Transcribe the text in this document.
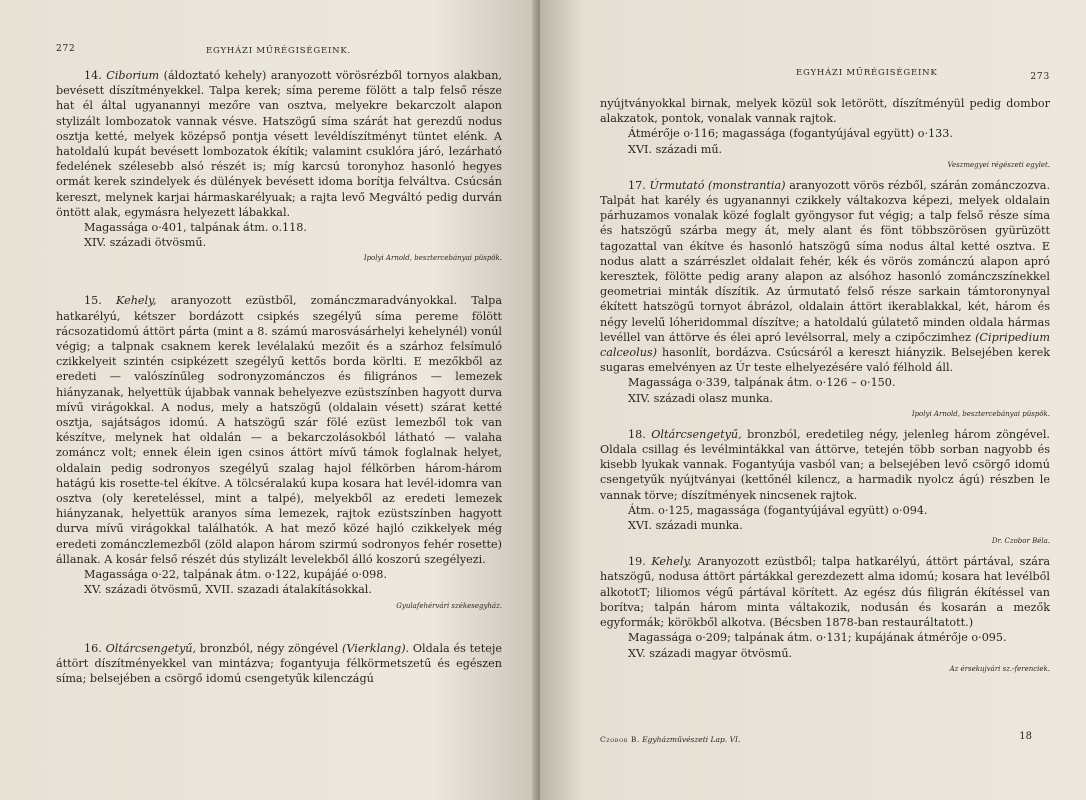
272	EGYHÁZI MŰRÉGISÉGEINK.

14. Ciborium (áldoztató kehely) aranyozott vörösrézből tornyos alakban, bevésett díszítményekkel. Talpa kerek; síma pereme fölött a talp felső része hat él által ugyanannyi mezőre van osztva, melyekre bekarczolt alapon stylizált lombozatok vannak vésve. Hatszögű síma szárát hat gerezdű nodus osztja ketté, melyek középső pontja vésett levéldíszítményt tüntet elénk. A hatoldalú kupát bevésett lombozatok ékítik; valamint csuklóra járó, lezárható fedelének szélesebb alsó részét is; míg karcsú toronyhoz hasonló hegyes ormát kerek szindelyek és dülények bevésett idoma borítja felváltva. Csúcsán kereszt, melynek karjai hármaskarélyuak; a rajta levő Megváltó pedig durván öntött alak, egymásra helyezett lábakkal.

Magassága o·401, talpának átm. o.118.

XIV. századi ötvösmű.

Ipolyi Arnold, besztercebányai püspök.

15. Kehely, aranyozott ezüstből, zománczmaradványokkal. Talpa hatkarélyú, kétszer bordázott csipkés szegélyű síma pereme fölött rácsozatidomú áttört párta (mint a 8. számú marosvásárhelyi kehelynél) vonúl végig; a talpnak csaknem kerek levélalakú mezőit és a szárhoz felsímuló czikkelyeit szintén csipkézett szegélyű kettős borda körlti. E mezőkből az eredeti — valószínűleg sodronyzománczos és filigrános — lemezek hiányzanak, helyettük újabbak vannak behelyezve ezüstszínben hagyott durva mívű virágokkal. A nodus, mely a hatszögű (oldalain vésett) szárat ketté osztja, sajátságos idomú. A hatszögű szár fölé ezüst lemezből tok van készítve, melynek hat oldalán — a bekarczolásokból látható — valaha zománcz volt; ennek élein igen csinos áttört mívű támok foglalnak helyet, oldalain pedig sodronyos szegélyű szalag hajol félkörben három-három hatágú kis rosette-tel ékítve. A tölcséralakú kupa kosara hat levél-idomra van osztva (oly kereteléssel, mint a talpé), melyekből az eredeti lemezek hiányzanak, helyettük aranyos síma lemezek, rajtok ezüstszínben hagyott durva mívű virágokkal találhatók. A hat mező közé hajló czikkelyek még eredeti zománczlemezből (zöld alapon három szirmú sodronyos fehér rosette) állanak. A kosár felső részét dús stylizált levelekből álló koszorú szegélyezi.

Magassága o·22, talpának átm. o·122, kupájáé o·098.

XV. századi ötvösmű, XVII. szazadi átalakításokkal.

Gyulafehérvári székesegyház.

16. Oltárcsengetyű, bronzból, négy zöngével (Vierklang). Oldala és teteje áttört díszítményekkel van mintázva; fogantyuja félkörmetszetű és egészen síma; belsejében a csörgő idomú csengetyűk kilenczágú

EGYHÁZI MŰRÉGISÉGEINK	273

nyújtványokkal birnak, melyek közül sok letörött, díszítményül pedig dombor alakzatok, pontok, vonalak vannak rajtok.

Átmérője o·116; magassága (fogantyújával együtt) o·133.

XVI. századi mű.

Veszmegyei régészeti egylet.

17. Úrmutató (monstrantia) aranyozott vörös rézből, szárán zománczozva. Talpát hat karély és ugyanannyi czikkely váltakozva képezi, melyek oldalain párhuzamos vonalak közé foglalt gyöngysor fut végig; a talp felső része síma és hatszögű szárba megy át, mely alant és fönt többszörösen gyürüzött tagozattal van ékítve és hasonló hatszögű síma nodus által ketté osztva. E nodus alatt a szárrészlet oldalait fehér, kék és vörös zománczú alapon apró keresztek, fölötte pedig arany alapon az alsóhoz hasonló zománczszínekkel geometriai minták díszítik. Az úrmutató felső része sarkain támtoronynyal ékített hatszögű tornyot ábrázol, oldalain áttört ikerablakkal, két, három és négy levelű lóheridommal díszítve; a hatoldalú gúlatető minden oldala hármas levéllel van áttörve és élei apró levélsorral, mely a czipőczimhez (Cipripedium calceolus) hasonlít, bordázva. Csúcsáról a kereszt hiányzik. Belsejében kerek sugaras emelvényen az Úr teste elhelyezésére való félhold áll.

Magassága o·339, talpának átm. o·126 – o·150.

XIV. századi olasz munka.

Ipolyi Arnold, besztercebányai püspök.

18. Oltárcsengetyű, bronzból, eredetileg négy, jelenleg három zöngével. Oldala csillag és levélmintákkal van áttörve, tetején több sorban nagyobb és kisebb lyukak vannak. Fogantyúja vasból van; a belsejében levő csörgő idomú csengetyűk nyújtványai (kettőnél kilencz, a harmadik nyolcz ágú) részben le vannak törve; díszítmények nincsenek rajtok.

Átm. o·125, magassága (fogantyújával együtt) o·094.

XVI. századi munka.

Dr. Czobor Béla.

19. Kehely. Aranyozott ezüstből; talpa hatkarélyú, áttört pártával, szára hatszögű, nodusa áttört pártákkal gerezdezett alma idomú; kosara hat levélből alkototT; liliomos végű pártával körített. Az egész dús filigrán ékítéssel van borítva; talpán három minta váltakozik, nodusán és kosarán a mezők egyformák; körökből alkotva. (Bécsben 1878-ban restauráltatott.)

Magassága o·209; talpának átm. o·131; kupájának átmérője o·095.

XV. századi magyar ötvösmű.

Az érsekujvári sz.-ferenciek.
Czobor B. Egyházművészeti Lap. VI.	18
